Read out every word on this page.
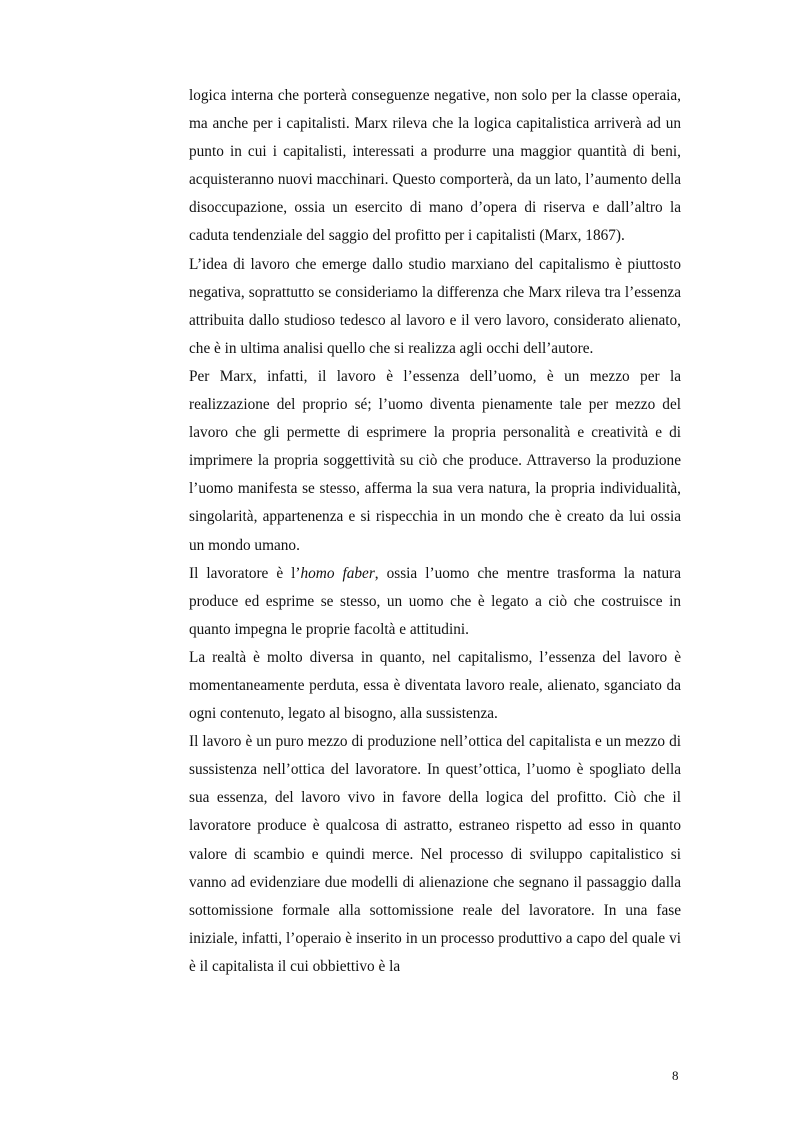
logica interna che porterà conseguenze negative, non solo per la classe operaia, ma anche per i capitalisti. Marx rileva che la logica capitalistica arriverà ad un punto in cui i capitalisti, interessati a produrre una maggior quantità di beni, acquisteranno nuovi macchinari. Questo comporterà, da un lato, l’aumento della disoccupazione, ossia un esercito di mano d’opera di riserva e dall’altro la caduta tendenziale del saggio del profitto per i capitalisti (Marx, 1867).

L’idea di lavoro che emerge dallo studio marxiano del capitalismo è piuttosto negativa, soprattutto se consideriamo la differenza che Marx rileva tra l’essenza attribuita dallo studioso tedesco al lavoro e il vero lavoro, considerato alienato, che è in ultima analisi quello che si realizza agli occhi dell’autore.

Per Marx, infatti, il lavoro è l’essenza dell’uomo, è un mezzo per la realizzazione del proprio sé; l’uomo diventa pienamente tale per mezzo del lavoro che gli permette di esprimere la propria personalità e creatività e di imprimere la propria soggettività su ciò che produce. Attraverso la produzione l’uomo manifesta se stesso, afferma la sua vera natura, la propria individualità, singolarità, appartenenza e si rispecchia in un mondo che è creato da lui ossia un mondo umano.

Il lavoratore è l’homo faber, ossia l’uomo che mentre trasforma la natura produce ed esprime se stesso, un uomo che è legato a ciò che costruisce in quanto impegna le proprie facoltà e attitudini.

La realtà è molto diversa in quanto, nel capitalismo, l’essenza del lavoro è momentaneamente perduta, essa è diventata lavoro reale, alienato, sganciato da ogni contenuto, legato al bisogno, alla sussistenza.

Il lavoro è un puro mezzo di produzione nell’ottica del capitalista e un mezzo di sussistenza nell’ottica del lavoratore. In quest’ottica, l’uomo è spogliato della sua essenza, del lavoro vivo in favore della logica del profitto. Ciò che il lavoratore produce è qualcosa di astratto, estraneo rispetto ad esso in quanto valore di scambio e quindi merce. Nel processo di sviluppo capitalistico si vanno ad evidenziare due modelli di alienazione che segnano il passaggio dalla sottomissione formale alla sottomissione reale del lavoratore. In una fase iniziale, infatti, l’operaio è inserito in un processo produttivo a capo del quale vi è il capitalista il cui obbiettivo è la

8
